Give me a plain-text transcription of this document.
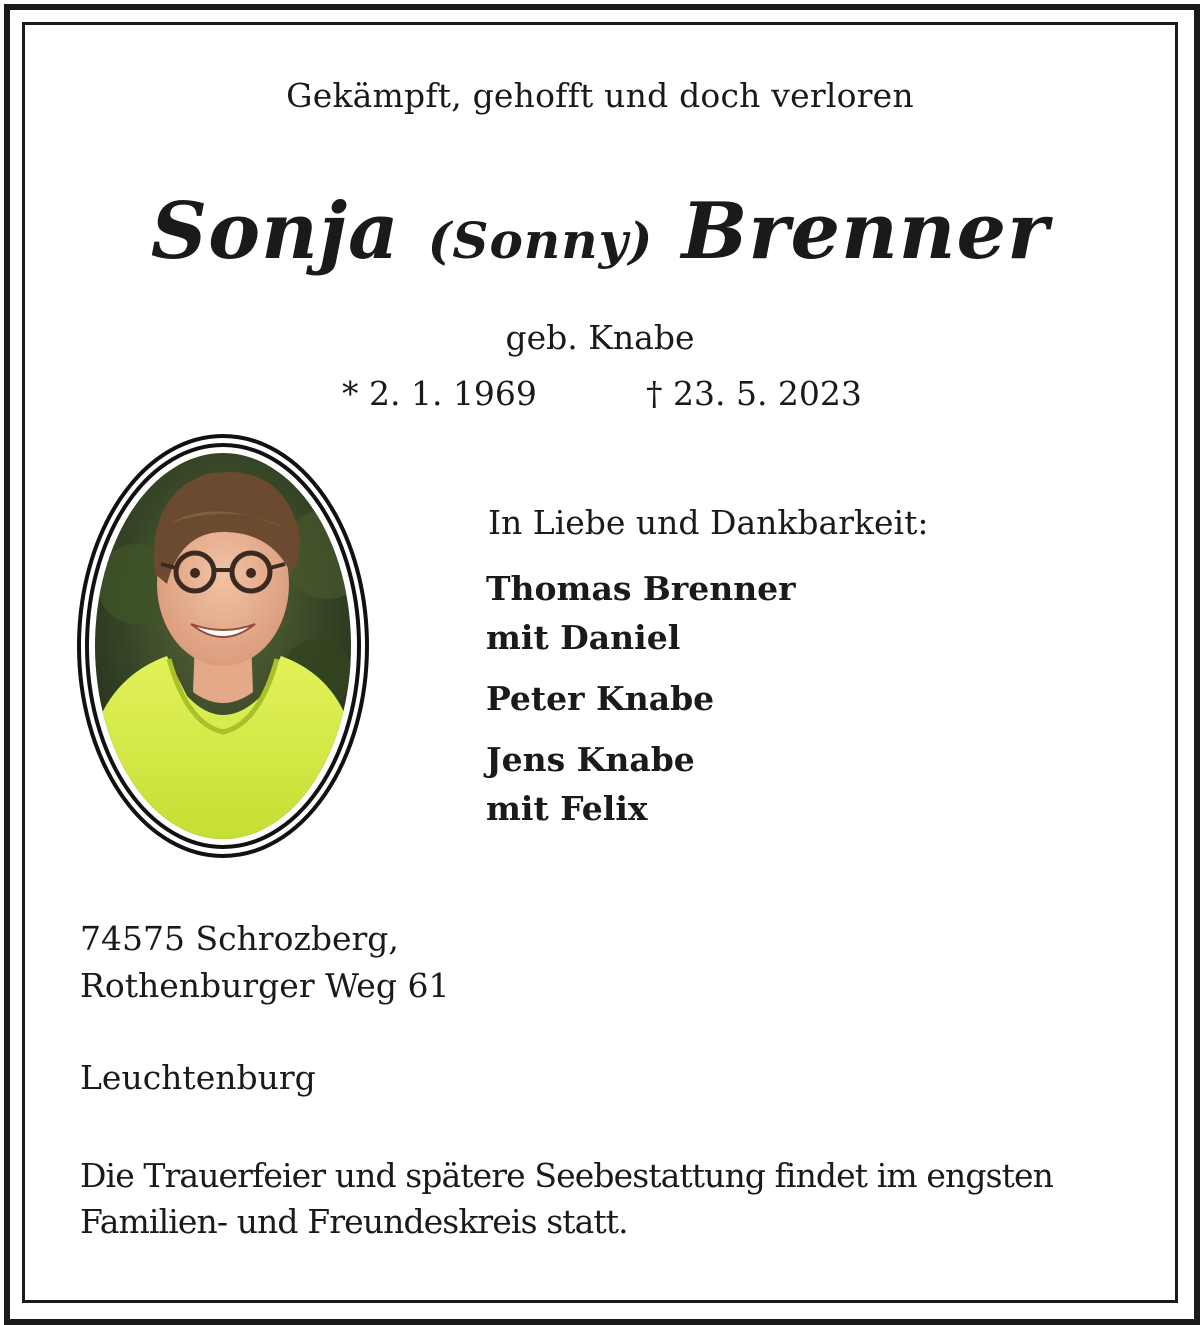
Gekämpft, gehofft und doch verloren
Sonja (Sonny) Brenner
geb. Knabe
* 2. 1. 1969	† 23. 5. 2023
In Liebe und Dankbarkeit:
Thomas Brenner
mit Daniel
Peter Knabe
Jens Knabe
mit Felix
74575 Schrozberg,
Rothenburger Weg 61
Leuchtenburg
Die Trauerfeier und spätere Seebestattung findet im engsten Familien- und Freundeskreis statt.
